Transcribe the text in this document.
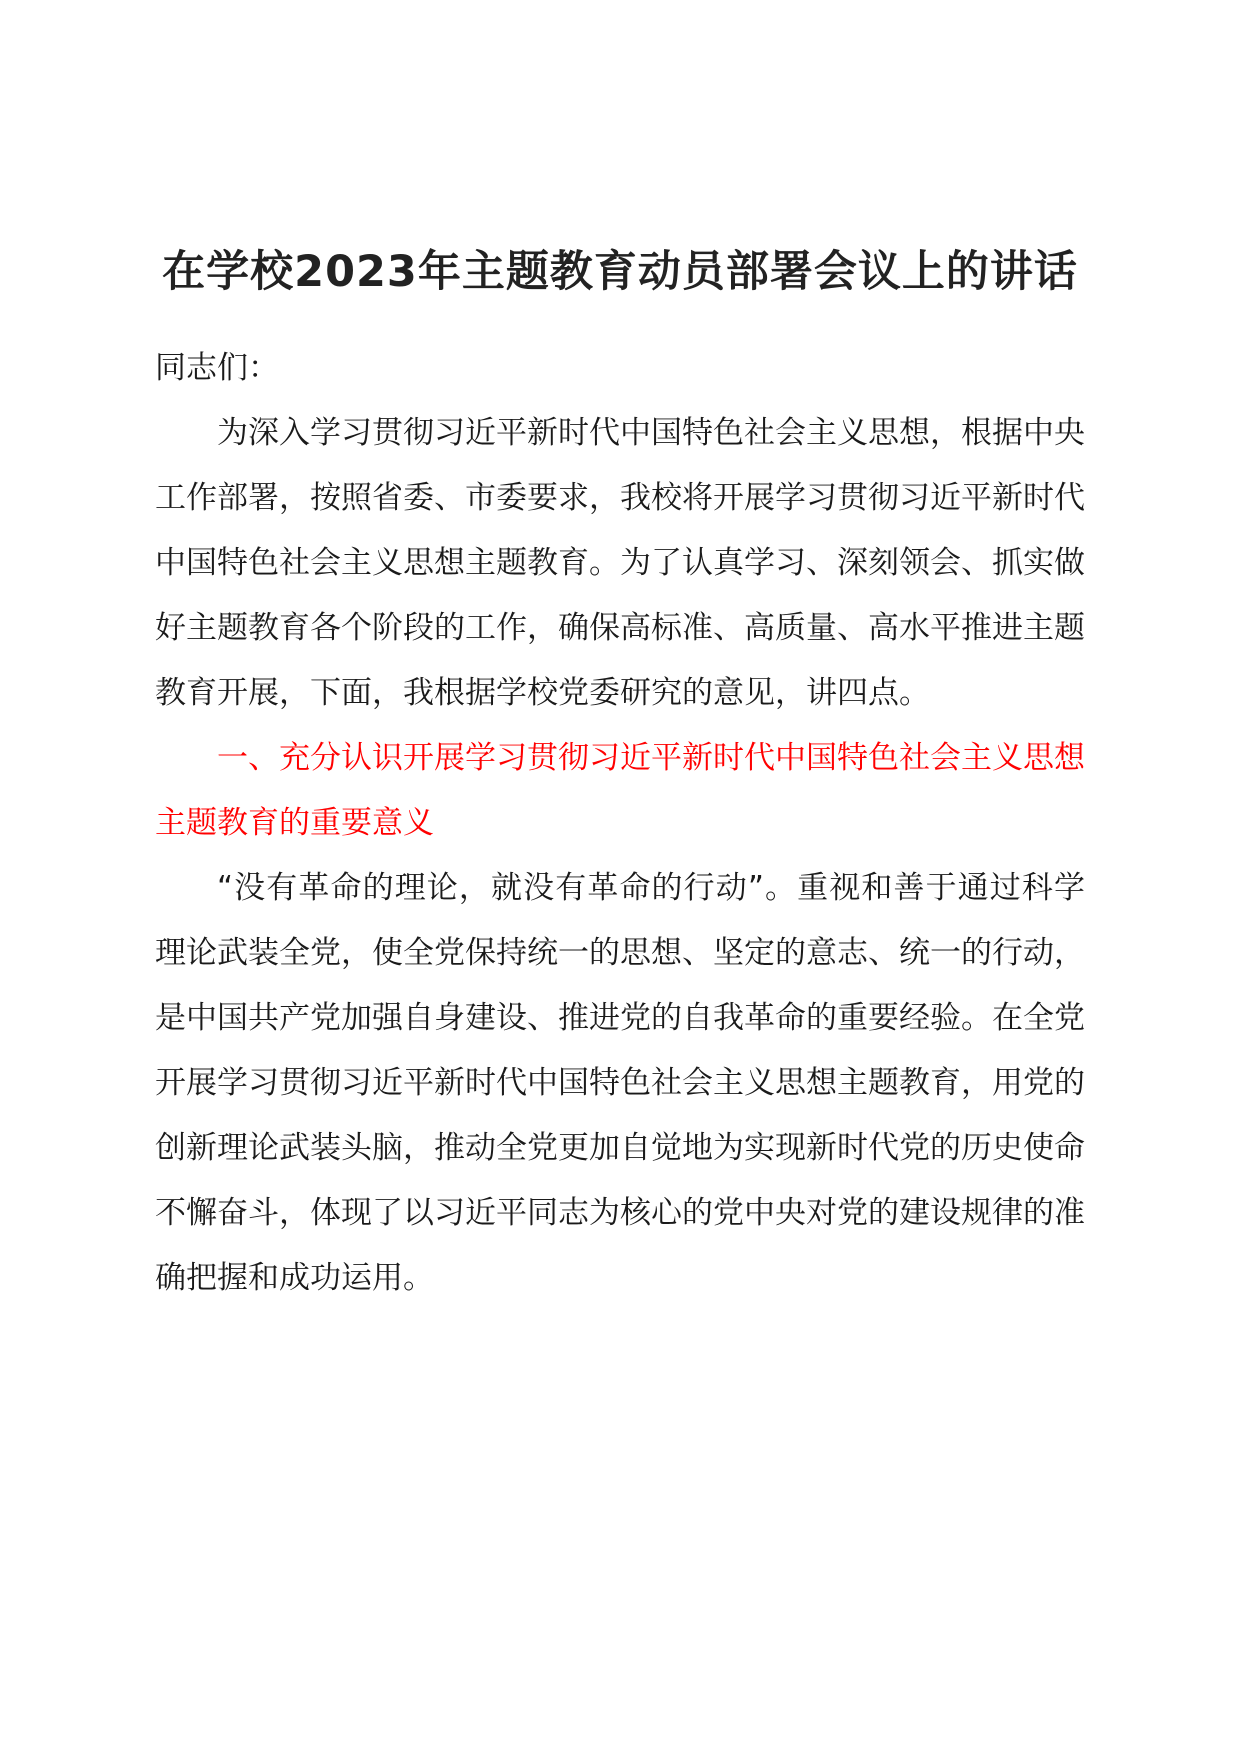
在学校2023年主题教育动员部署会议上的讲话

同志们：

为深入学习贯彻习近平新时代中国特色社会主义思想，根据中央工作部署，按照省委、市委要求，我校将开展学习贯彻习近平新时代中国特色社会主义思想主题教育。为了认真学习、深刻领会、抓实做好主题教育各个阶段的工作，确保高标准、高质量、高水平推进主题教育开展，下面，我根据学校党委研究的意见，讲四点。

一、充分认识开展学习贯彻习近平新时代中国特色社会主义思想主题教育的重要意义

“没有革命的理论，就没有革命的行动”。重视和善于通过科学理论武装全党，使全党保持统一的思想、坚定的意志、统一的行动，是中国共产党加强自身建设、推进党的自我革命的重要经验。在全党开展学习贯彻习近平新时代中国特色社会主义思想主题教育，用党的创新理论武装头脑，推动全党更加自觉地为实现新时代党的历史使命不懈奋斗，体现了以习近平同志为核心的党中央对党的建设规律的准确把握和成功运用。
